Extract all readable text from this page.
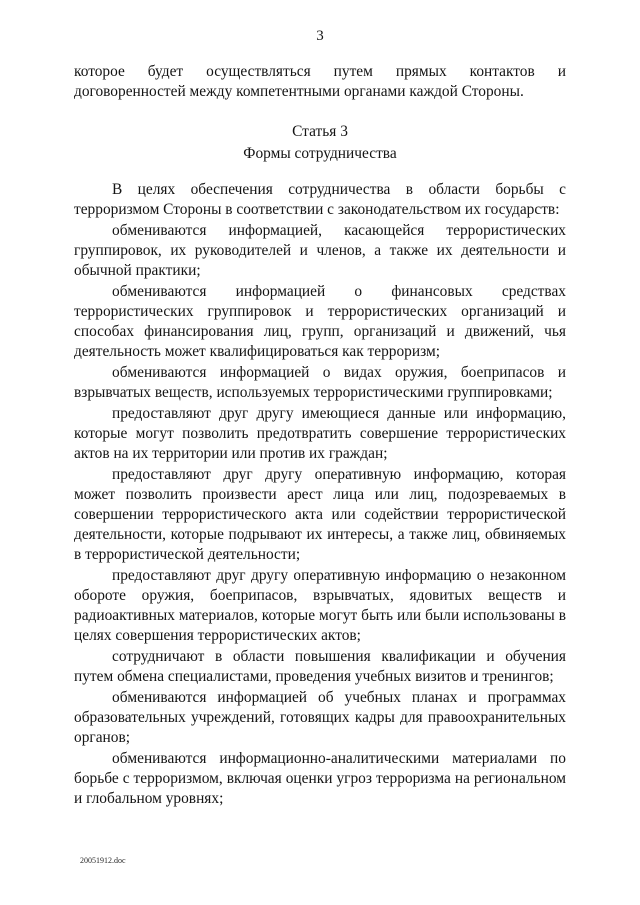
3

которое будет осуществляться путем прямых контактов и договоренностей между компетентными органами каждой Стороны.

Статья 3
Формы сотрудничества

В целях обеспечения сотрудничества в области борьбы с терроризмом Стороны в соответствии с законодательством их государств:

обмениваются информацией, касающейся террористических группировок, их руководителей и членов, а также их деятельности и обычной практики;

обмениваются информацией о финансовых средствах террористических группировок и террористических организаций и способах финансирования лиц, групп, организаций и движений, чья деятельность может квалифицироваться как терроризм;

обмениваются информацией о видах оружия, боеприпасов и взрывчатых веществ, используемых террористическими группировками;

предоставляют друг другу имеющиеся данные или информацию, которые могут позволить предотвратить совершение террористических актов на их территории или против их граждан;

предоставляют друг другу оперативную информацию, которая может позволить произвести арест лица или лиц, подозреваемых в совершении террористического акта или содействии террористической деятельности, которые подрывают их интересы, а также лиц, обвиняемых в террористической деятельности;

предоставляют друг другу оперативную информацию о незаконном обороте оружия, боеприпасов, взрывчатых, ядовитых веществ и радиоактивных материалов, которые могут быть или были использованы в целях совершения террористических актов;

сотрудничают в области повышения квалификации и обучения путем обмена специалистами, проведения учебных визитов и тренингов;

обмениваются информацией об учебных планах и программах образовательных учреждений, готовящих кадры для правоохранительных органов;

обмениваются информационно-аналитическими материалами по борьбе с терроризмом, включая оценки угроз терроризма на региональном и глобальном уровнях;

20051912.doc
